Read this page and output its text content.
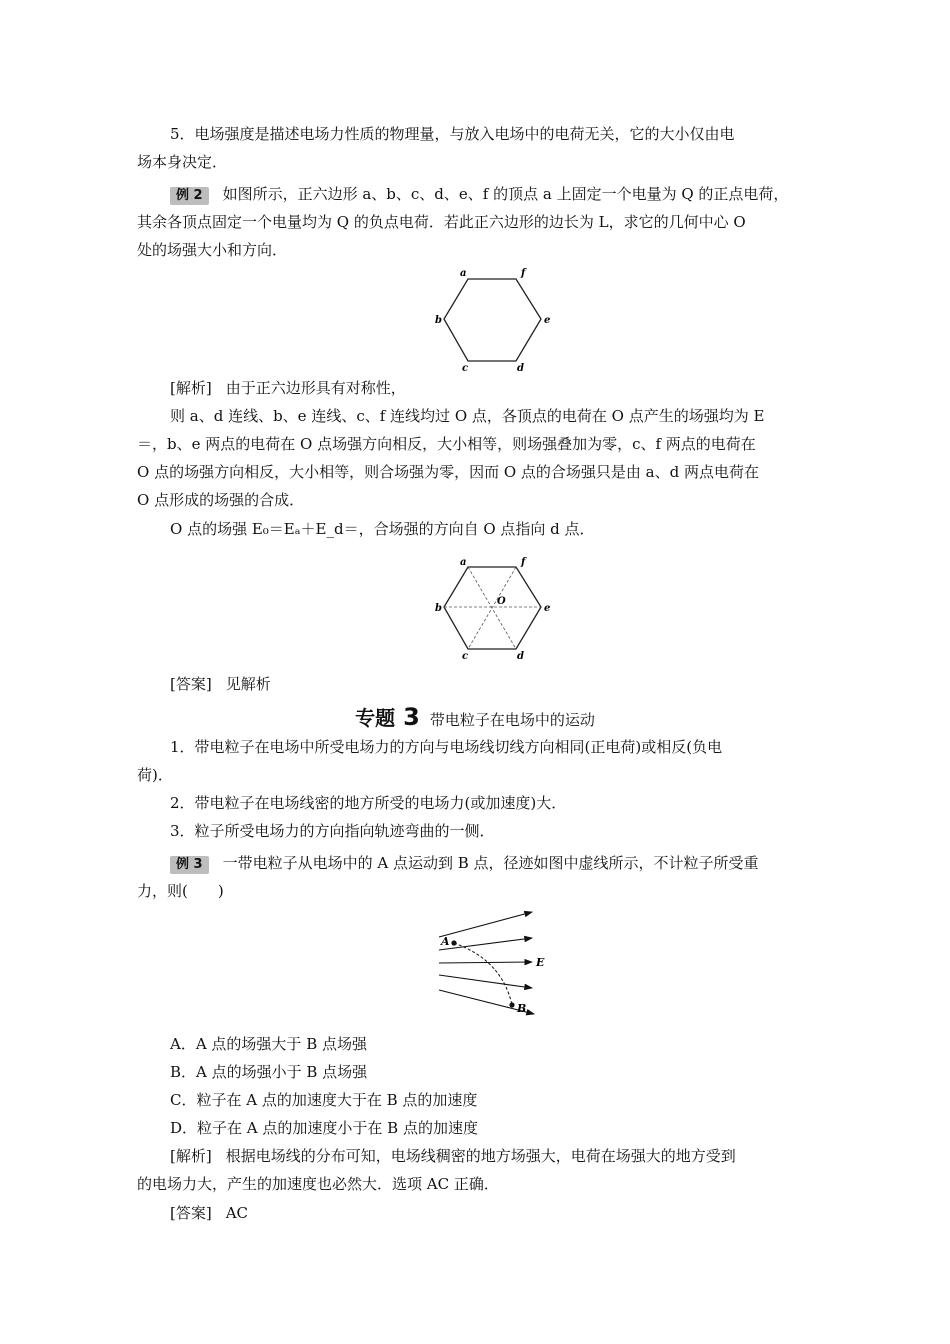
5．电场强度是描述电场力性质的物理量，与放入电场中的电荷无关，它的大小仅由电
场本身决定．
例 2 如图所示，正六边形 a、b、c、d、e、f 的顶点 a 上固定一个电量为 Q 的正点电荷，
其余各顶点固定一个电量均为 Q 的负点电荷．若此正六边形的边长为 L，求它的几何中心 O
处的场强大小和方向．
a	f
b	e
c	d
[解析] 由于正六边形具有对称性，
则 a、d 连线、b、e 连线、c、f 连线均过 O 点，各顶点的电荷在 O 点产生的场强均为 E
＝，b、e 两点的电荷在 O 点场强方向相反，大小相等，则场强叠加为零，c、f 两点的电荷在
O 点的场强方向相反，大小相等，则合场强为零，因而 O 点的合场强只是由 a、d 两点电荷在
O 点形成的场强的合成．
O 点的场强 E₀＝Eₐ＋E_d＝，合场强的方向自 O 点指向 d 点．
a	f
b	e
O
c	d
[答案] 见解析
专题 3 带电粒子在电场中的运动
1．带电粒子在电场中所受电场力的方向与电场线切线方向相同(正电荷)或相反(负电
荷)．
2．带电粒子在电场线密的地方所受的电场力(或加速度)大．
3．粒子所受电场力的方向指向轨迹弯曲的一侧．
例 3 一带电粒子从电场中的 A 点运动到 B 点，径迹如图中虚线所示，不计粒子所受重
力，则(　　)
A
B
E
A．A 点的场强大于 B 点场强
B．A 点的场强小于 B 点场强
C．粒子在 A 点的加速度大于在 B 点的加速度
D．粒子在 A 点的加速度小于在 B 点的加速度
[解析] 根据电场线的分布可知，电场线稠密的地方场强大，电荷在场强大的地方受到
的电场力大，产生的加速度也必然大．选项 AC 正确．
[答案] AC
